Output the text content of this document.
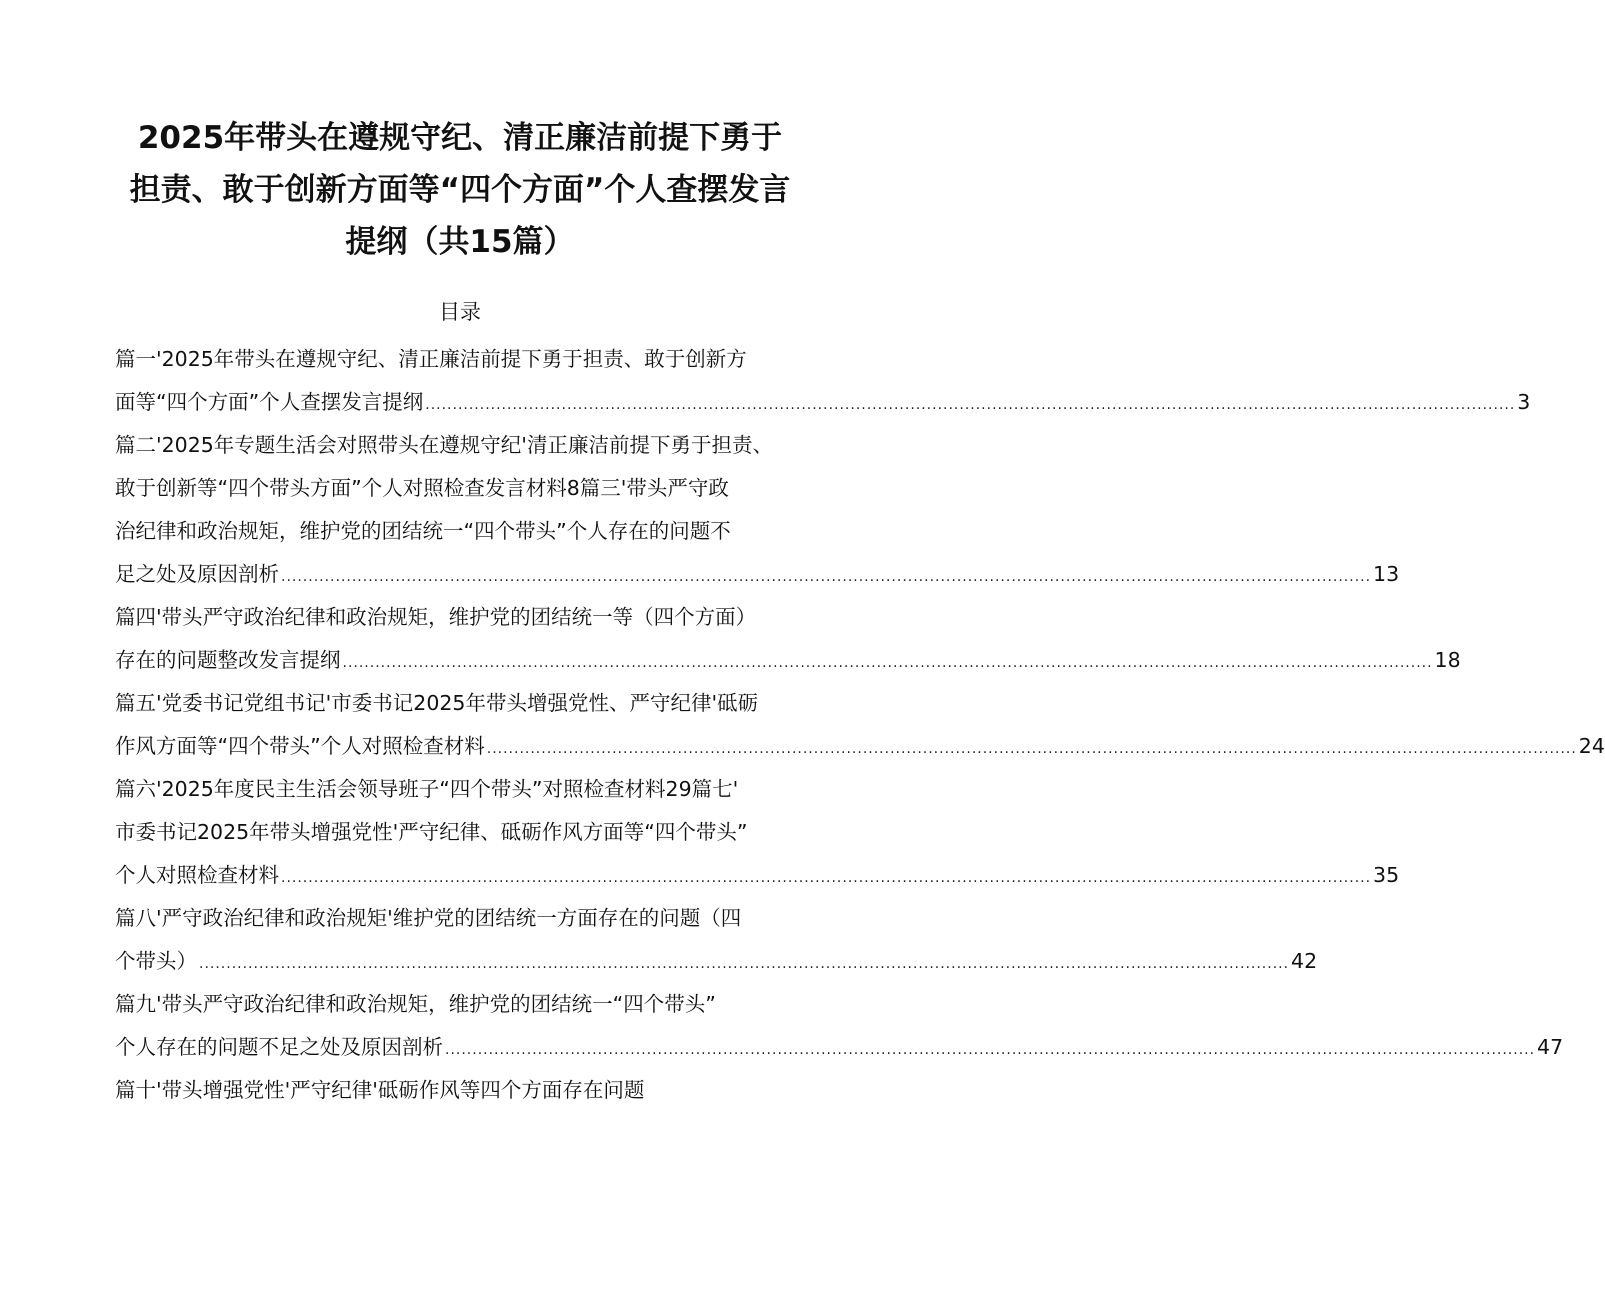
2025年带头在遵规守纪、清正廉洁前提下勇于
担责、敢于创新方面等“四个方面”个人查摆发言
提纲（共15篇）
目录
篇一'2025年带头在遵规守纪、清正廉洁前提下勇于担责、敢于创新方
面等“四个方面”个人查摆发言提纲 ........................................................................................................................................................................................................ 3
篇二'2025年专题生活会对照带头在遵规守纪'清正廉洁前提下勇于担责、
敢于创新等“四个带头方面”个人对照检查发言材料8篇三'带头严守政
治纪律和政治规矩，维护党的团结统一“四个带头”个人存在的问题不
足之处及原因剖析 ........................................................................................................................................................................................................ 13
篇四'带头严守政治纪律和政治规矩，维护党的团结统一等（四个方面）
存在的问题整改发言提纲 ........................................................................................................................................................................................................ 18
篇五'党委书记党组书记'市委书记2025年带头增强党性、严守纪律'砥砺
作风方面等“四个带头”个人对照检查材料 ........................................................................................................................................................................................................ 24
篇六'2025年度民主生活会领导班子“四个带头”对照检查材料29篇七'
市委书记2025年带头增强党性'严守纪律、砥砺作风方面等“四个带头”
个人对照检查材料 ........................................................................................................................................................................................................ 35
篇八'严守政治纪律和政治规矩'维护党的团结统一方面存在的问题（四
个带头） ........................................................................................................................................................................................................ 42
篇九'带头严守政治纪律和政治规矩，维护党的团结统一“四个带头”
个人存在的问题不足之处及原因剖析 ........................................................................................................................................................................................................ 47
篇十'带头增强党性'严守纪律'砥砺作风等四个方面存在问题
